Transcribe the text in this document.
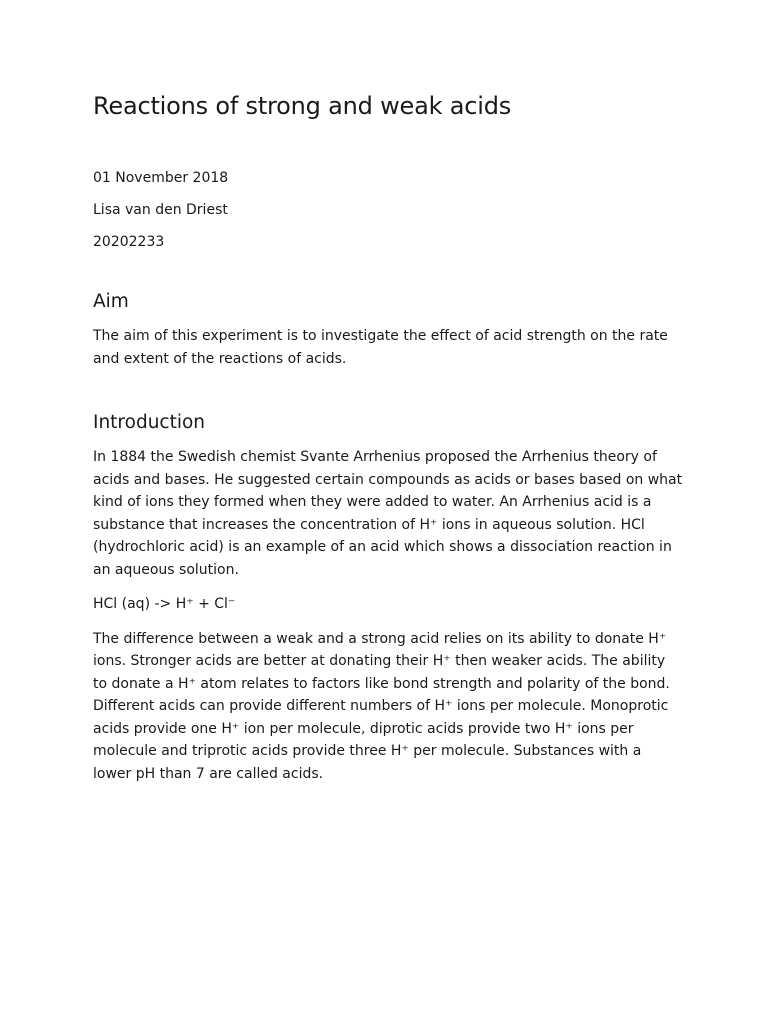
Reactions of strong and weak acids

01 November 2018

Lisa van den Driest

20202233

Aim

The aim of this experiment is to investigate the effect of acid strength on the rate and extent of the reactions of acids.

Introduction

In 1884 the Swedish chemist Svante Arrhenius proposed the Arrhenius theory of acids and bases. He suggested certain compounds as acids or bases based on what kind of ions they formed when they were added to water. An Arrhenius acid is a substance that increases the concentration of H⁺ ions in aqueous solution. HCl (hydrochloric acid) is an example of an acid which shows a dissociation reaction in an aqueous solution.

HCl (aq) -> H⁺ + Cl⁻

The difference between a weak and a strong acid relies on its ability to donate H⁺ ions. Stronger acids are better at donating their H⁺ then weaker acids. The ability to donate a H⁺ atom relates to factors like bond strength and polarity of the bond. Different acids can provide different numbers of H⁺ ions per molecule. Monoprotic acids provide one H⁺ ion per molecule, diprotic acids provide two H⁺ ions per molecule and triprotic acids provide three H⁺ per molecule. Substances with a lower pH than 7 are called acids.
